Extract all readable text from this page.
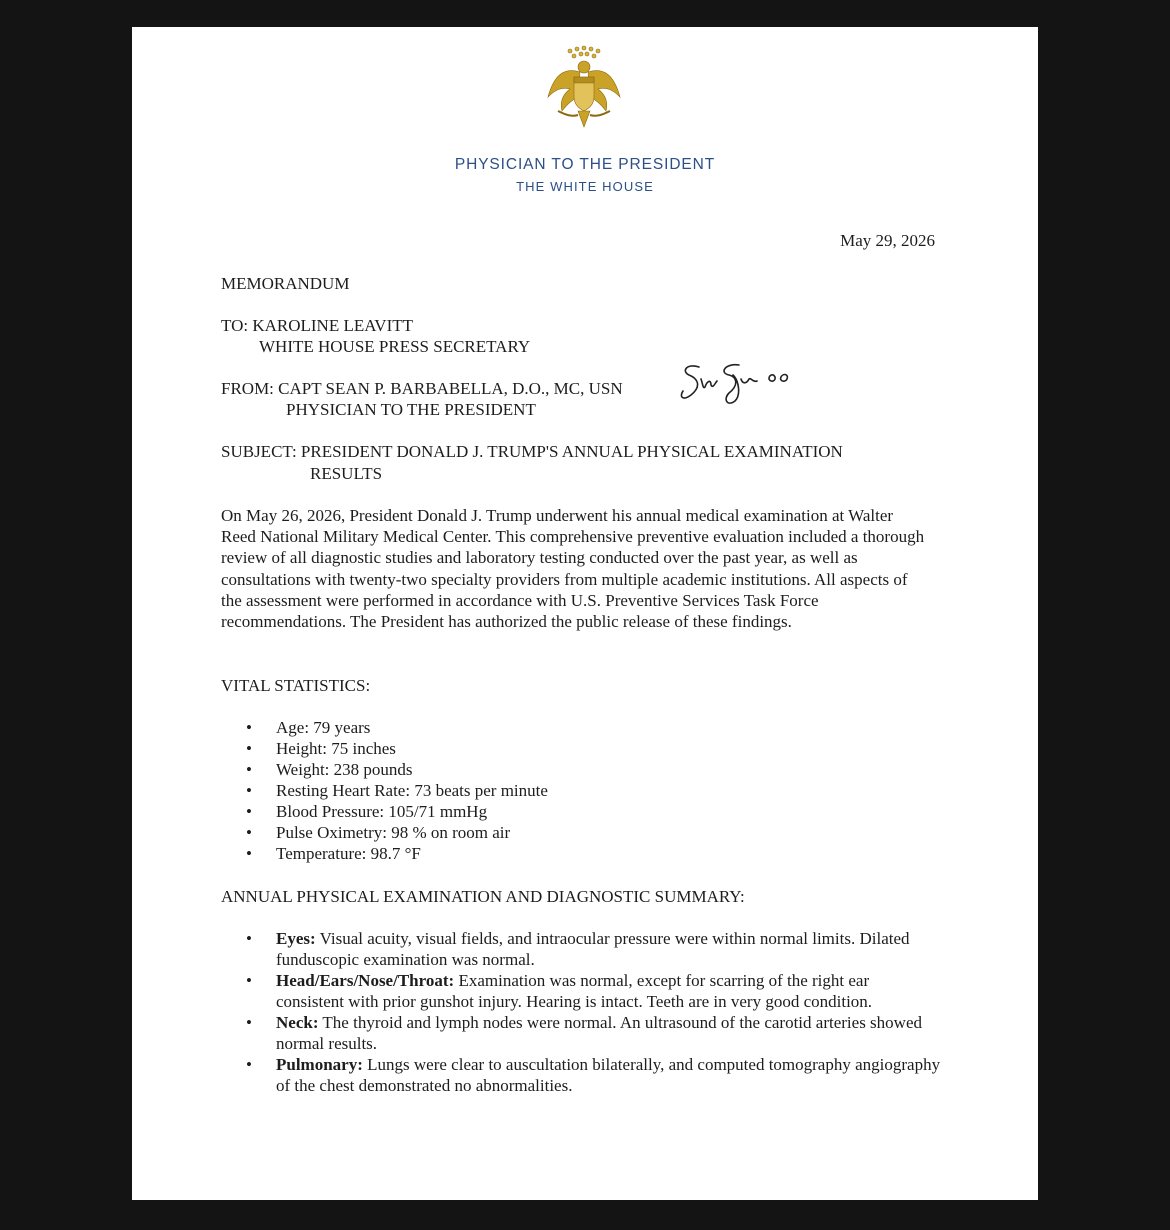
PHYSICIAN TO THE PRESIDENT
THE WHITE HOUSE
May 29, 2026
MEMORANDUM
TO: KAROLINE LEAVITT
WHITE HOUSE PRESS SECRETARY
FROM: CAPT SEAN P. BARBABELLA, D.O., MC, USN
PHYSICIAN TO THE PRESIDENT
SUBJECT: PRESIDENT DONALD J. TRUMP'S ANNUAL PHYSICAL EXAMINATION
RESULTS
On May 26, 2026, President Donald J. Trump underwent his annual medical examination at Walter Reed National Military Medical Center. This comprehensive preventive evaluation included a thorough review of all diagnostic studies and laboratory testing conducted over the past year, as well as consultations with twenty-two specialty providers from multiple academic institutions. All aspects of the assessment were performed in accordance with U.S. Preventive Services Task Force recommendations. The President has authorized the public release of these findings.
VITAL STATISTICS:
• Age: 79 years
• Height: 75 inches
• Weight: 238 pounds
• Resting Heart Rate: 73 beats per minute
• Blood Pressure: 105/71 mmHg
• Pulse Oximetry: 98 % on room air
• Temperature: 98.7 °F
ANNUAL PHYSICAL EXAMINATION AND DIAGNOSTIC SUMMARY:
• Eyes: Visual acuity, visual fields, and intraocular pressure were within normal limits. Dilated funduscopic examination was normal.
• Head/Ears/Nose/Throat: Examination was normal, except for scarring of the right ear consistent with prior gunshot injury. Hearing is intact. Teeth are in very good condition.
• Neck: The thyroid and lymph nodes were normal. An ultrasound of the carotid arteries showed normal results.
• Pulmonary: Lungs were clear to auscultation bilaterally, and computed tomography angiography of the chest demonstrated no abnormalities.
